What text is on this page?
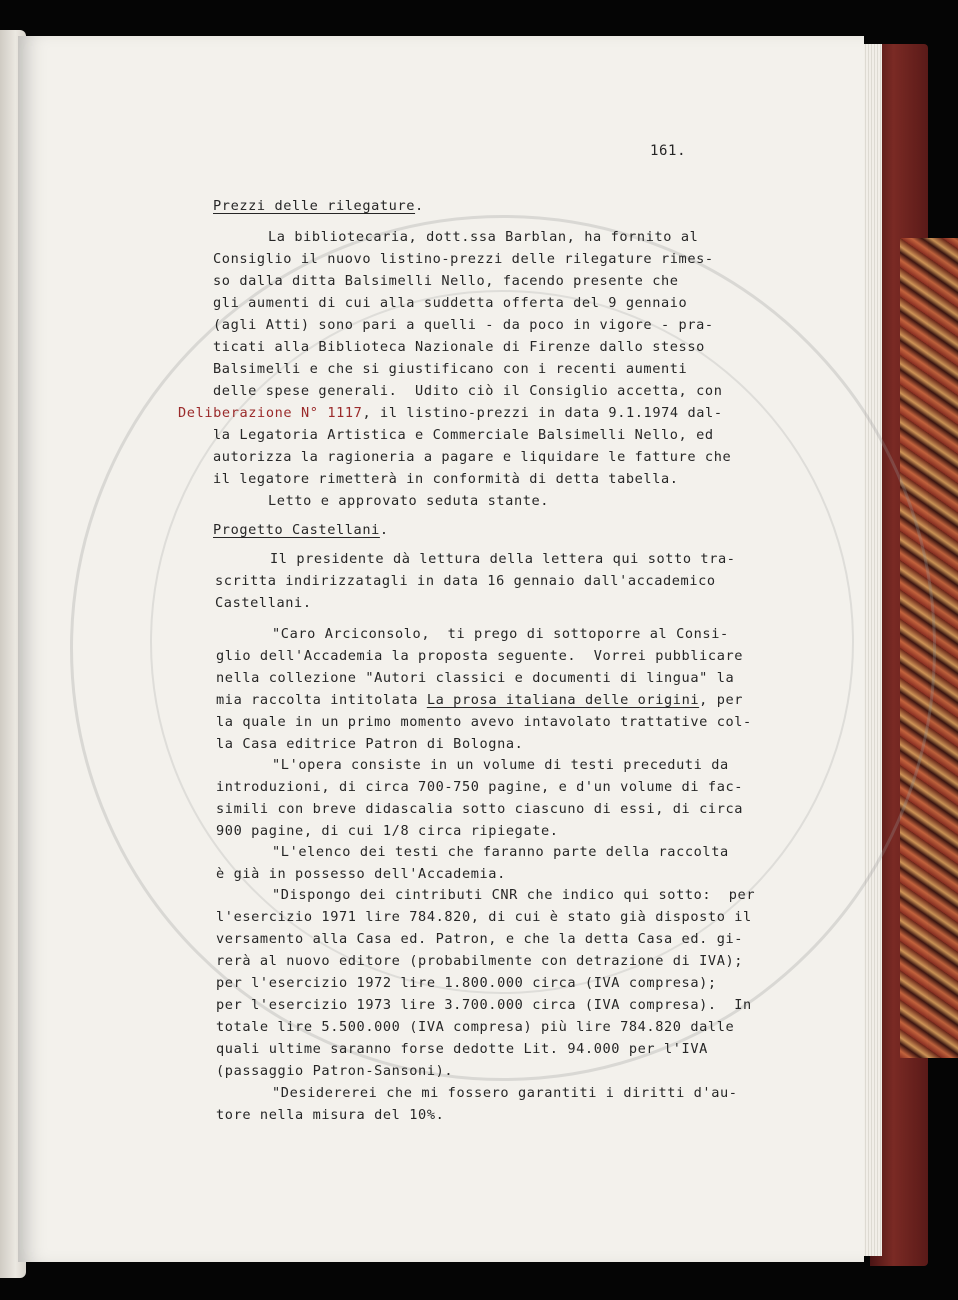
161.
Prezzi delle rilegature.
La bibliotecaria, dott.ssa Barblan, ha fornito al
Consiglio il nuovo listino-prezzi delle rilegature rimes-
so dalla ditta Balsimelli Nello, facendo presente che
gli aumenti di cui alla suddetta offerta del 9 gennaio
(agli Atti) sono pari a quelli - da poco in vigore - pra-
ticati alla Biblioteca Nazionale di Firenze dallo stesso
Balsimelli e che si giustificano con i recenti aumenti
delle spese generali.  Udito ciò il Consiglio accetta, con
Deliberazione N° 1117, il listino-prezzi in data 9.1.1974 dal-
la Legatoria Artistica e Commerciale Balsimelli Nello, ed
autorizza la ragioneria a pagare e liquidare le fatture che
il legatore rimetterà in conformità di detta tabella.
Letto e approvato seduta stante.
Progetto Castellani.
Il presidente dà lettura della lettera qui sotto tra-
scritta indirizzatagli in data 16 gennaio dall'accademico
Castellani.
"Caro Arciconsolo,  ti prego di sottoporre al Consi-
glio dell'Accademia la proposta seguente.  Vorrei pubblicare
nella collezione "Autori classici e documenti di lingua" la
mia raccolta intitolata La prosa italiana delle origini, per
la quale in un primo momento avevo intavolato trattative col-
la Casa editrice Patron di Bologna.
"L'opera consiste in un volume di testi preceduti da
introduzioni, di circa 700-750 pagine, e d'un volume di fac-
simili con breve didascalia sotto ciascuno di essi, di circa
900 pagine, di cui 1/8 circa ripiegate.
"L'elenco dei testi che faranno parte della raccolta
è già in possesso dell'Accademia.
"Dispongo dei cintributi CNR che indico qui sotto:  per
l'esercizio 1971 lire 784.820, di cui è stato già disposto il
versamento alla Casa ed. Patron, e che la detta Casa ed. gi-
rerà al nuovo editore (probabilmente con detrazione di IVA);
per l'esercizio 1972 lire 1.800.000 circa (IVA compresa);
per l'esercizio 1973 lire 3.700.000 circa (IVA compresa).  In
totale lire 5.500.000 (IVA compresa) più lire 784.820 dalle
quali ultime saranno forse dedotte Lit. 94.000 per l'IVA
(passaggio Patron-Sansoni).
"Desidererei che mi fossero garantiti i diritti d'au-
tore nella misura del 10%.
